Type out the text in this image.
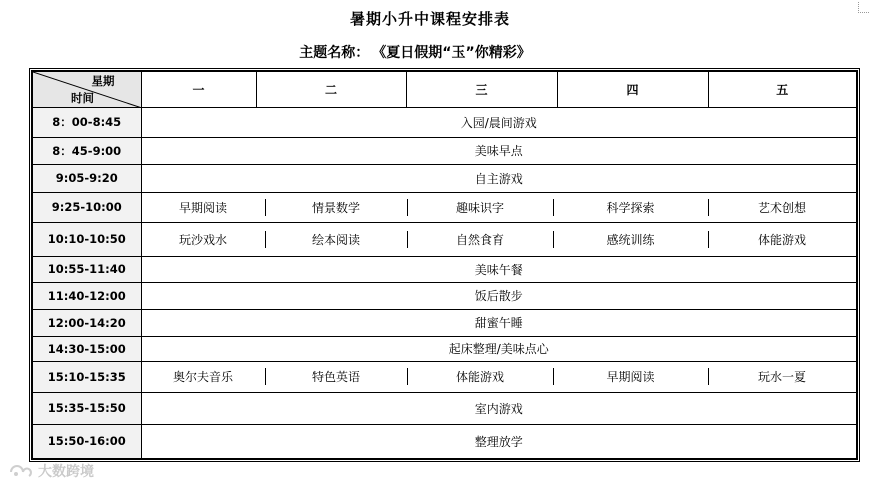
暑期小升中课程安排表
主题名称： 《夏日假期“玉”你精彩》
星期
时间	一	二	三	四	五
8：00-8:45	入园/晨间游戏				
8：45-9:00	美味早点				
9:05-9:20	自主游戏				
9:25-10:00	早期阅读 情景数学 趣味识字 科学探索 艺术创想				

10:10-10:50	玩沙戏水 绘本阅读 自然食育 感统训练 体能游戏				

10:55-11:40	美味午餐				
11:40-12:00	饭后散步				
12:00-14:20	甜蜜午睡				
14:30-15:00	起床整理/美味点心				
15:10-15:35	奥尔夫音乐 特色英语 体能游戏 早期阅读 玩水一夏				

15:35-15:50	室内游戏				
15:50-16:00	整理放学				
大数跨境
